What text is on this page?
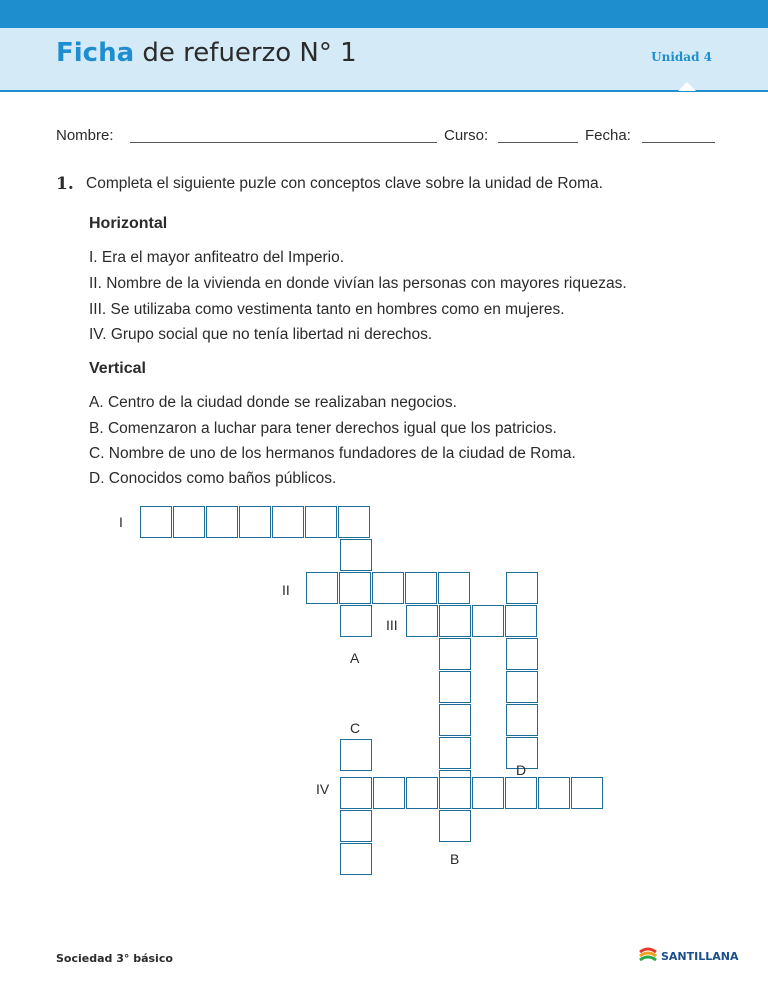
Ficha de refuerzo N° 1	Unidad 4
Nombre:	Curso:	Fecha:
1. Completa el siguiente puzle con conceptos clave sobre la unidad de Roma.
Horizontal
I. Era el mayor anfiteatro del Imperio.
II. Nombre de la vivienda en donde vivían las personas con mayores riquezas.
III. Se utilizaba como vestimenta tanto en hombres como en mujeres.
IV. Grupo social que no tenía libertad ni derechos.
Vertical
A. Centro de la ciudad donde se realizaban negocios.
B. Comenzaron a luchar para tener derechos igual que los patricios.
C. Nombre de uno de los hermanos fundadores de la ciudad de Roma.
D. Conocidos como baños públicos.
I
II
III
IV
A
C
B
D
Sociedad 3° básico	SANTILLANA
